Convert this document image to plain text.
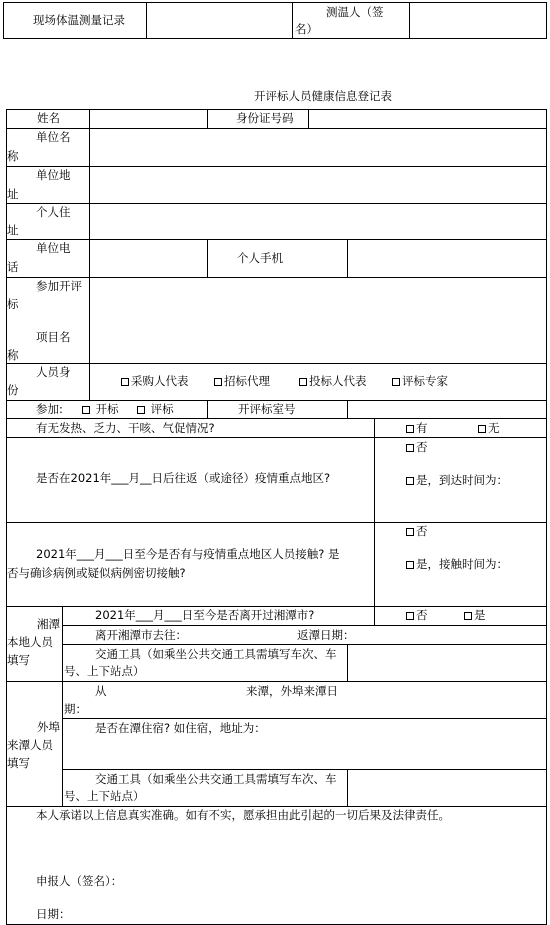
现场体温测量记录
测温人（签
名）
开评标人员健康信息登记表
姓名	身份证号码
单位名
称
单位地
址
个人住
址
单位电
话
个人手机
参加开评
标
项目名
称
人员身
份
采购人代表	招标代理	投标人代表	评标专家
参加:	开标	评标	开评标室号
有无发热、乏力、干咳、气促情况?	有	无
是否在2021年___月__日后往返（或途径）疫情重点地区?
否
是，到达时间为：
2021年___月___日至今是否有与疫情重点地区人员接触? 是
否与确诊病例或疑似病例密切接触?
否
是，接触时间为：
湘潭
本地人员
填写
2021年___月___日至今是否离开过湘潭市?	否	是
离开湘潭市去往：	返潭日期：
交通工具（如乘坐公共交通工具需填写车次、车
号、上下站点）
外埠
来潭人员
填写
从	来潭，外埠来潭日
期：
是否在潭住宿? 如住宿，地址为：
交通工具（如乘坐公共交通工具需填写车次、车
号、上下站点）
本人承诺以上信息真实准确。如有不实，愿承担由此引起的一切后果及法律责任。
申报人（签名）：
日期：
